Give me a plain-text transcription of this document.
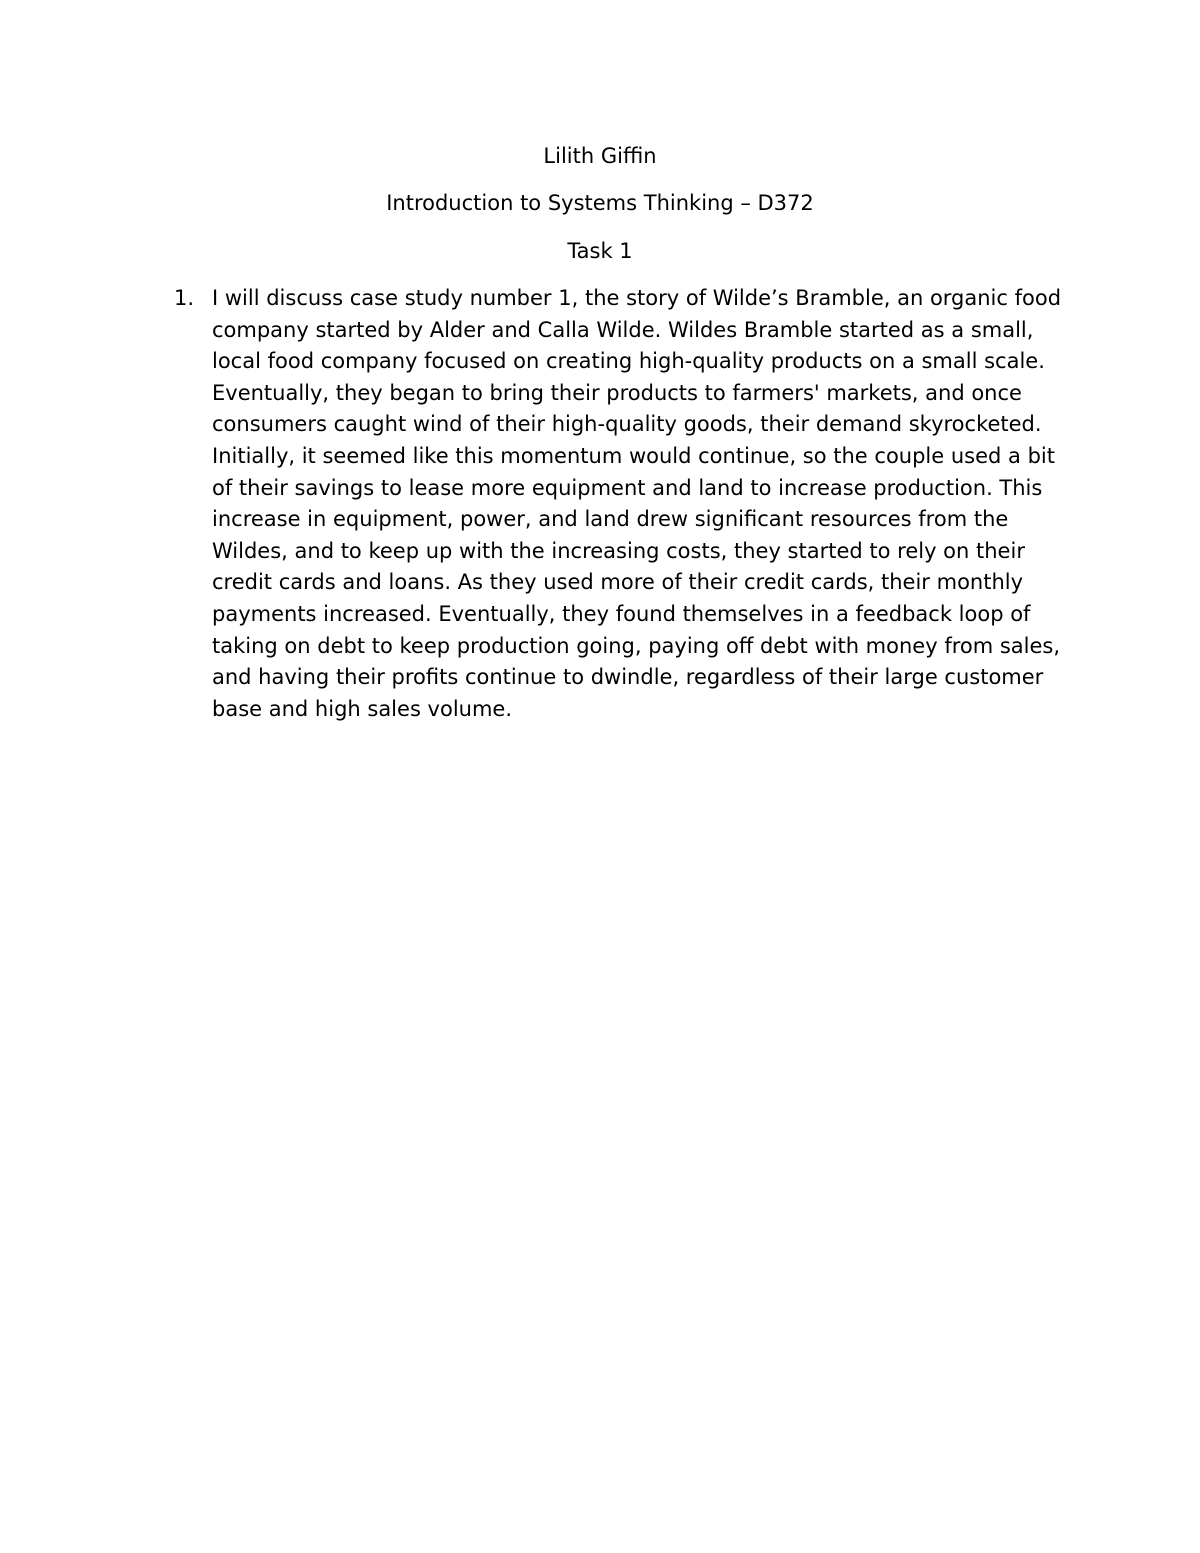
Lilith Giffin
Introduction to Systems Thinking – D372
Task 1
1. I will discuss case study number 1, the story of Wilde’s Bramble, an organic food company started by Alder and Calla Wilde. Wildes Bramble started as a small, local food company focused on creating high-quality products on a small scale. Eventually, they began to bring their products to farmers' markets, and once consumers caught wind of their high-quality goods, their demand skyrocketed. Initially, it seemed like this momentum would continue, so the couple used a bit of their savings to lease more equipment and land to increase production. This increase in equipment, power, and land drew significant resources from the Wildes, and to keep up with the increasing costs, they started to rely on their credit cards and loans. As they used more of their credit cards, their monthly payments increased. Eventually, they found themselves in a feedback loop of taking on debt to keep production going, paying off debt with money from sales, and having their profits continue to dwindle, regardless of their large customer base and high sales volume.
